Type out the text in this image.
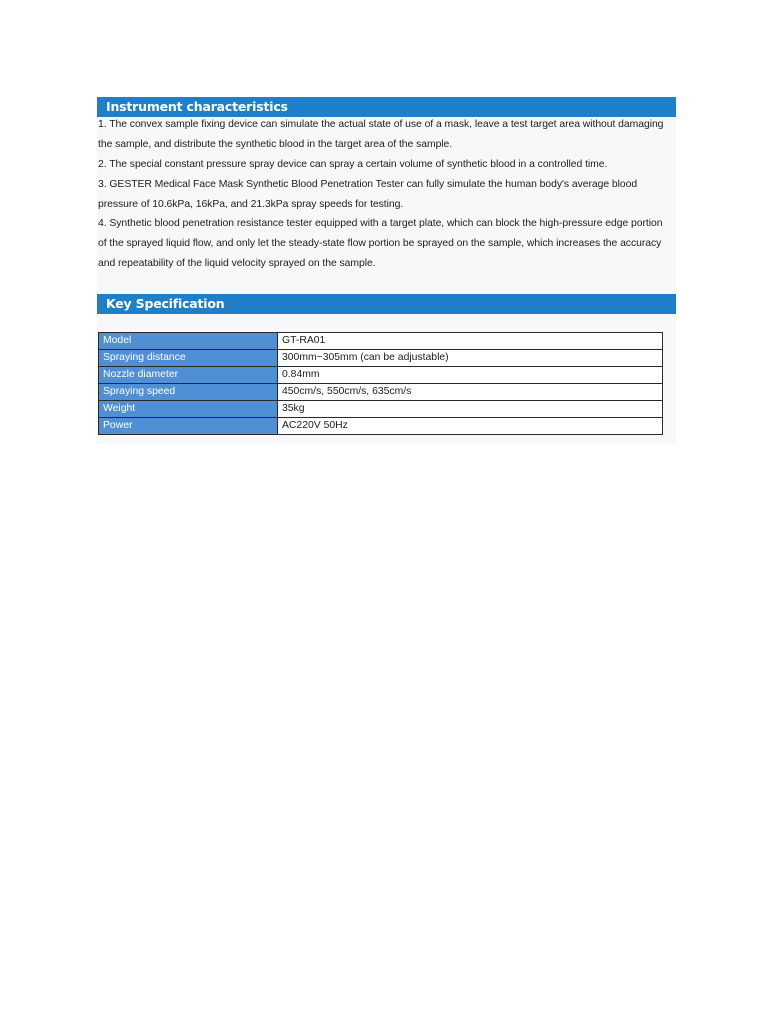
Instrument characteristics
1. The convex sample fixing device can simulate the actual state of use of a mask, leave a test target area without damaging
the sample, and distribute the synthetic blood in the target area of the sample.
2. The special constant pressure spray device can spray a certain volume of synthetic blood in a controlled time.
3. GESTER Medical Face Mask Synthetic Blood Penetration Tester can fully simulate the human body's average blood
pressure of 10.6kPa, 16kPa, and 21.3kPa spray speeds for testing.
4. Synthetic blood penetration resistance tester equipped with a target plate, which can block the high-pressure edge portion
of the sprayed liquid flow, and only let the steady-state flow portion be sprayed on the sample, which increases the accuracy
and repeatability of the liquid velocity sprayed on the sample.
Key Specification
Model	GT-RA01
Spraying distance	300mm~305mm (can be adjustable)
Nozzle diameter	0.84mm
Spraying speed	450cm/s, 550cm/s, 635cm/s
Weight	35kg
Power	AC220V 50Hz
